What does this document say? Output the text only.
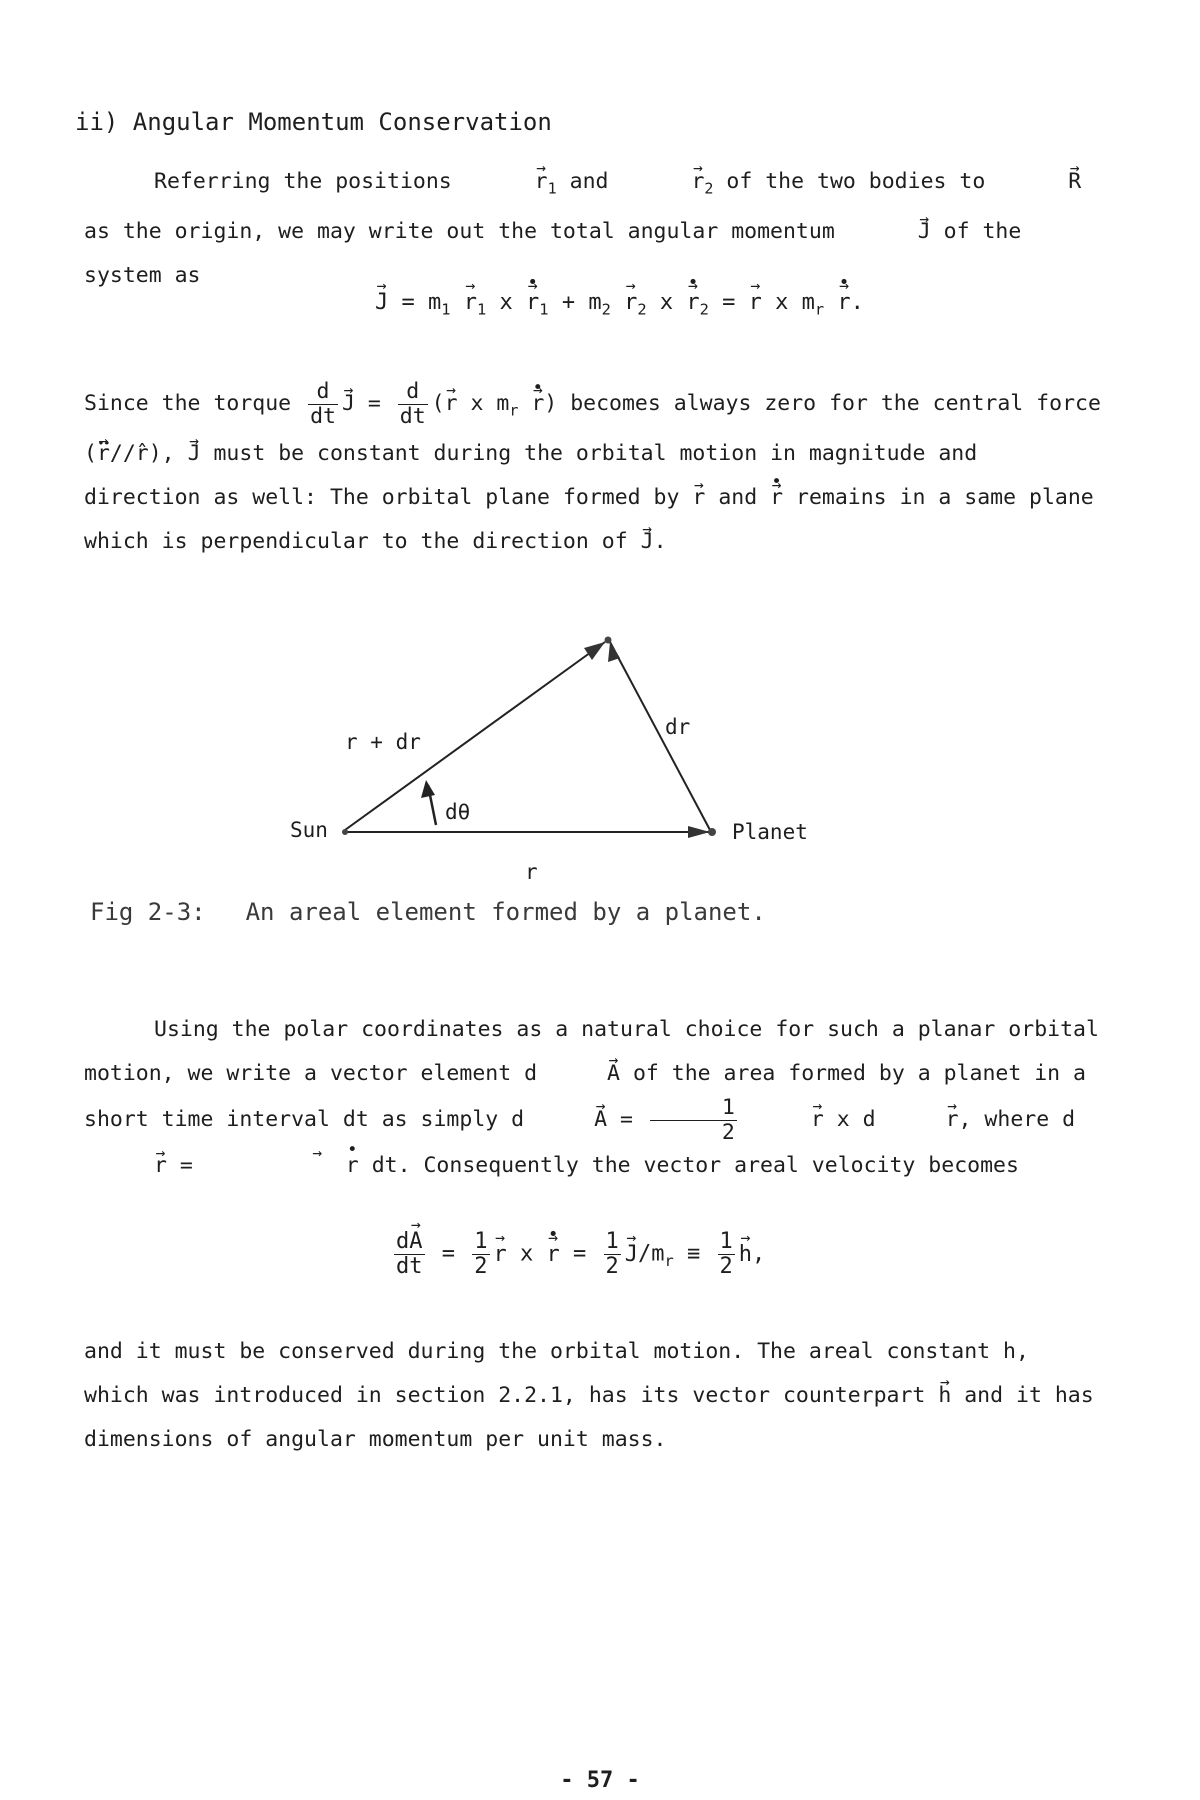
ii) Angular Momentum Conservation
Referring the positions	→ $r_1$ and	→ $r_2$ of the two bodies to	→ R as the origin, we may write out the total angular momentum	→ J of the system as
→ $J = m_1 \to r_1$ x → r $•_1 + m_2 \to r_2$ x → r $•_2$ = → r x $m_r \to r$ •.
Since the torque $\frac{d}{dt} \to J = \frac{d}{dt}$ (→ r x $m_r \to r$ •) becomes always zero for the central force (→ r ••//r̂), → J must be constant during the orbital motion in magnitude and direction as well: The orbital plane formed by → r and → r • remains in a same plane which is perpendicular to the direction of → J.
r + dr
dr
dθ
Sun	Planet
r
Fig 2-3: An areal element formed by a planet.
Using the polar coordinates as a natural choice for such a planar orbital motion, we write a vector element d	→ A of the area formed by a planet in a short time interval dt as simply d	→ $A = \frac{1}{2}$	→ r x d	→ r, where d→ r =	→ r • dt. Consequently the vector areal velocity becomes
$\frac{d\to A}{dt} = \frac{1}{2} \to r$ x → r • = $\frac{1}{2} \to J/m_r \equiv \frac{1}{2} \to h$,
and it must be conserved during the orbital motion. The areal constant h, which was introduced in section 2.2.1, has its vector counterpart → h and it has dimensions of angular momentum per unit mass.
- 57 -
